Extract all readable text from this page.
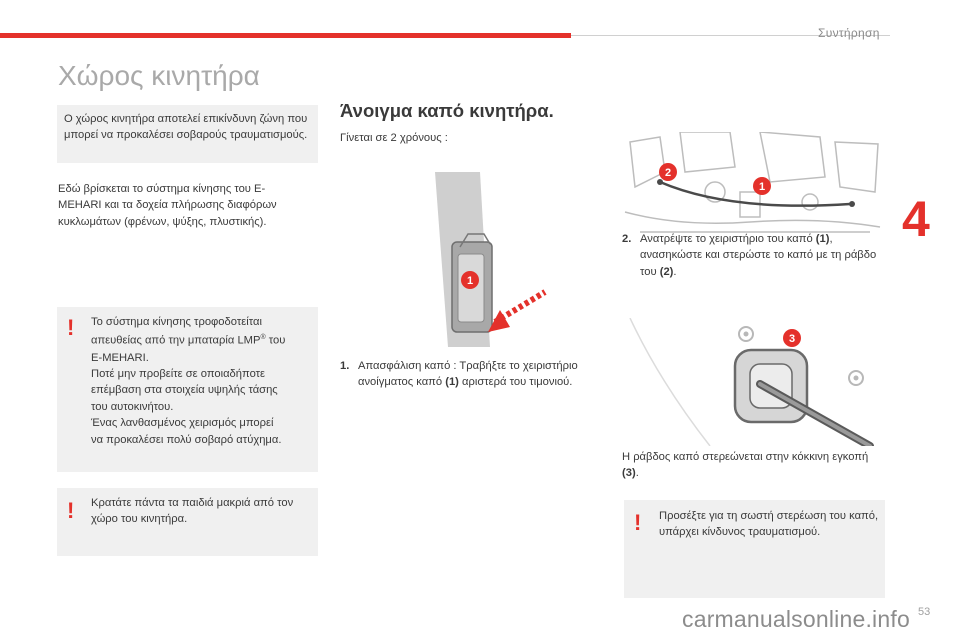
Συντήρηση
4
Χώρος κινητήρα
Ο χώρος κινητήρα αποτελεί επικίνδυνη ζώνη που μπορεί να προκαλέσει σοβαρούς τραυματισμούς.
Εδώ βρίσκεται το σύστημα κίνησης του E-MEHARI και τα δοχεία πλήρωσης διαφόρων κυκλωμάτων (φρένων, ψύξης, πλυστικής).
! Το σύστημα κίνησης τροφοδοτείται
απευθείας από την μπαταρία LMP® του
E-MEHARI.
Ποτέ μην προβείτε σε οποιαδήποτε
επέμβαση στα στοιχεία υψηλής τάσης
του αυτοκινήτου.
Ένας λανθασμένος χειρισμός μπορεί
να προκαλέσει πολύ σοβαρό ατύχημα.
! Κρατάτε πάντα τα παιδιά μακριά από τον χώρο του κινητήρα.
Άνοιγμα καπό κινητήρα.
Γίνεται σε 2 χρόνους :
1
1. Απασφάλιση καπό : Τραβήξτε το χειριστήριο ανοίγματος καπό (1) αριστερά του τιμονιού.
2
1
2. Ανατρέψτε το χειριστήριο του καπό (1), ανασηκώστε και στερώστε το καπό με τη ράβδο του (2).
3
Η ράβδος καπό στερεώνεται στην κόκκινη εγκοπή (3).
! Προσέξτε για τη σωστή στερέωση του καπό, υπάρχει κίνδυνος τραυματισμού.
carmanualsonline.info 53
